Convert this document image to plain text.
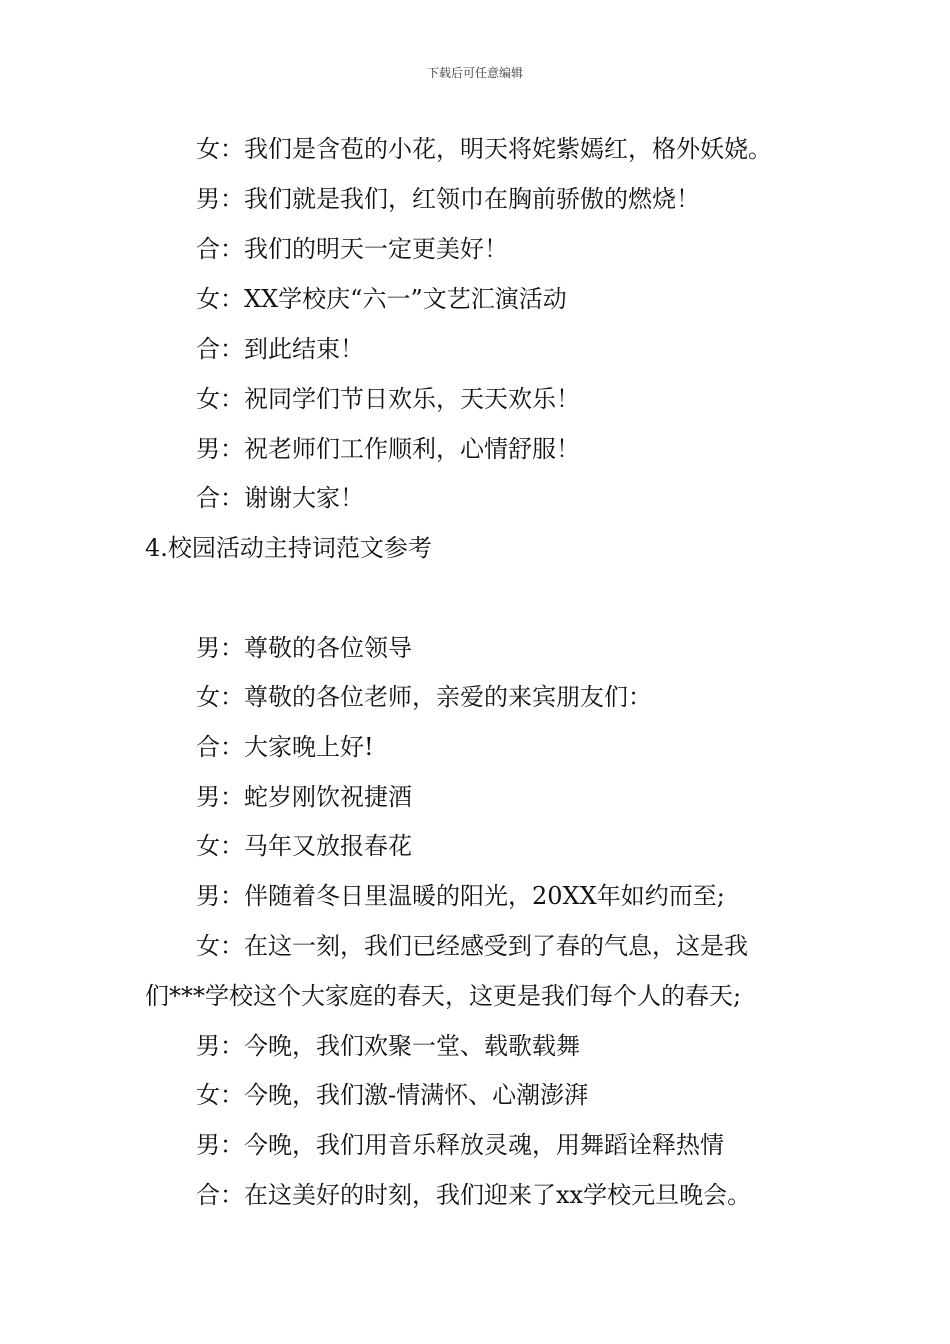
下载后可任意编辑
女：我们是含苞的小花，明天将姹紫嫣红，格外妖娆。
男：我们就是我们，红领巾在胸前骄傲的燃烧！
合：我们的明天一定更美好！
女：XX学校庆“六一”文艺汇演活动
合：到此结束！
女：祝同学们节日欢乐，天天欢乐！
男：祝老师们工作顺利，心情舒服！
合：谢谢大家！
4.校园活动主持词范文参考
男：尊敬的各位领导
女：尊敬的各位老师，亲爱的来宾朋友们：
合：大家晚上好!
男：蛇岁刚饮祝捷酒
女：马年又放报春花
男：伴随着冬日里温暖的阳光，20XX年如约而至;
女：在这一刻，我们已经感受到了春的气息，这是我
们***学校这个大家庭的春天，这更是我们每个人的春天;
男：今晚，我们欢聚一堂、载歌载舞
女：今晚，我们激-情满怀、心潮澎湃
男：今晚，我们用音乐释放灵魂，用舞蹈诠释热情
合：在这美好的时刻，我们迎来了xx学校元旦晚会。
